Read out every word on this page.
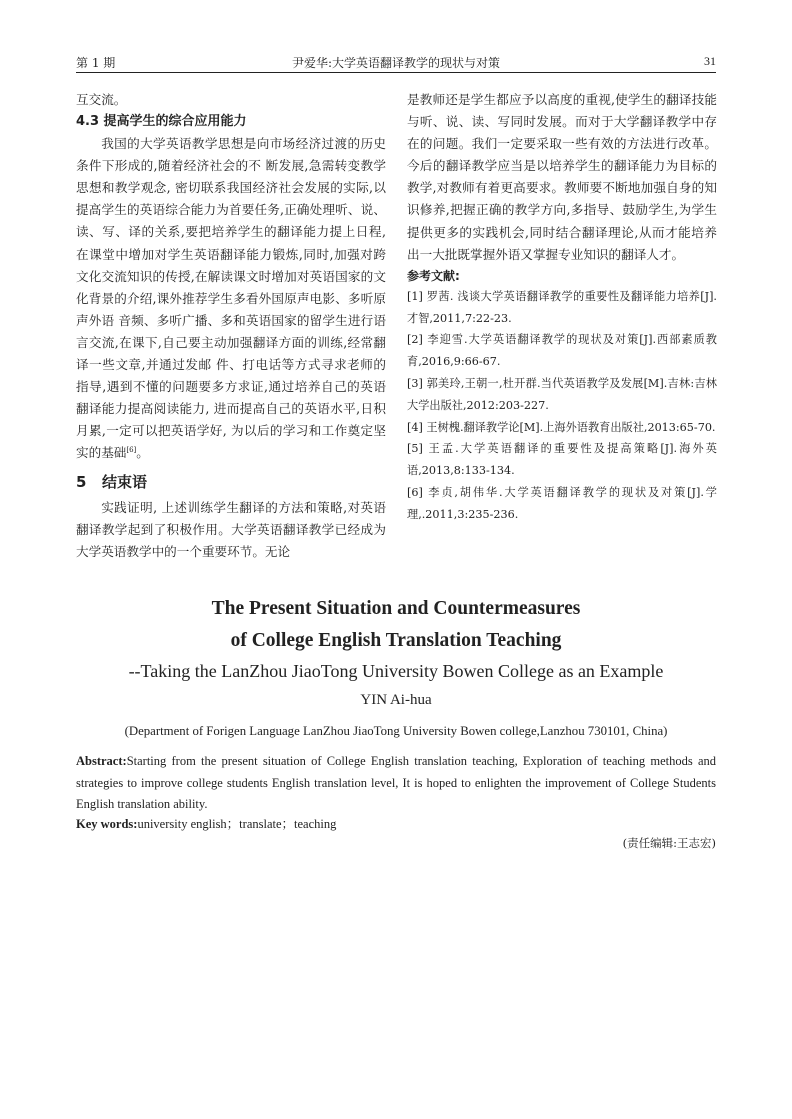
第 1 期	尹爱华:大学英语翻译教学的现状与对策	31

互交流。

4.3 提高学生的综合应用能力

我国的大学英语教学思想是向市场经济过渡的历史条件下形成的,随着经济社会的不 断发展,急需转变教学思想和教学观念, 密切联系我国经济社会发展的实际,以提高学生的英语综合能力为首要任务,正确处理听、说、读、写、译的关系,要把培养学生的翻译能力提上日程, 在课堂中增加对学生英语翻译能力锻炼,同时,加强对跨文化交流知识的传授,在解读课文时增加对英语国家的文化背景的介绍,课外推荐学生多看外国原声电影、多听原声外语 音频、多听广播、多和英语国家的留学生进行语言交流,在课下,自己要主动加强翻译方面的训练,经常翻译一些文章,并通过发邮 件、打电话等方式寻求老师的指导,遇到不懂的问题要多方求证,通过培养自己的英语翻译能力提高阅读能力, 进而提高自己的英语水平,日积月累,一定可以把英语学好, 为以后的学习和工作奠定坚实的基础[6]。

5 结束语

实践证明, 上述训练学生翻译的方法和策略,对英语翻译教学起到了积极作用。大学英语翻译教学已经成为大学英语教学中的一个重要环节。无论

是教师还是学生都应予以高度的重视,使学生的翻译技能与听、说、读、写同时发展。而对于大学翻译教学中存在的问题。我们一定要采取一些有效的方法进行改革。今后的翻译教学应当是以培养学生的翻译能力为目标的教学,对教师有着更高要求。教师要不断地加强自身的知识修养,把握正确的教学方向,多指导、鼓励学生,为学生提供更多的实践机会,同时结合翻译理论,从而才能培养出一大批既掌握外语又掌握专业知识的翻译人才。

参考文献:

[1] 罗茜. 浅谈大学英语翻译教学的重要性及翻译能力培养[J].才智,2011,7:22-23.

[2] 李迎雪.大学英语翻译教学的现状及对策[J].西部素质教育,2016,9:66-67.

[3] 郭美玲,王朝一,杜开群.当代英语教学及发展[M].吉林:吉林大学出版社,2012:203-227.

[4] 王树槐.翻译教学论[M].上海外语教育出版社,2013:65-70.

[5] 王孟.大学英语翻译的重要性及提高策略[J].海外英语,2013,8:133-134.

[6] 李贞,胡伟华.大学英语翻译教学的现状及对策[J].学理,.2011,3:235-236.

The Present Situation and Countermeasures
of College English Translation Teaching
--Taking the LanZhou JiaoTong University Bowen College as an Example
YIN Ai-hua
(Department of Forigen Language LanZhou JiaoTong University Bowen college,Lanzhou 730101, China)
Abstract:Starting from the present situation of College English translation teaching, Exploration of teaching methods and strategies to improve college students English translation level, It is hoped to enlighten the improvement of College Students English translation ability.
Key words:university english；translate；teaching
(责任编辑:王志宏)
